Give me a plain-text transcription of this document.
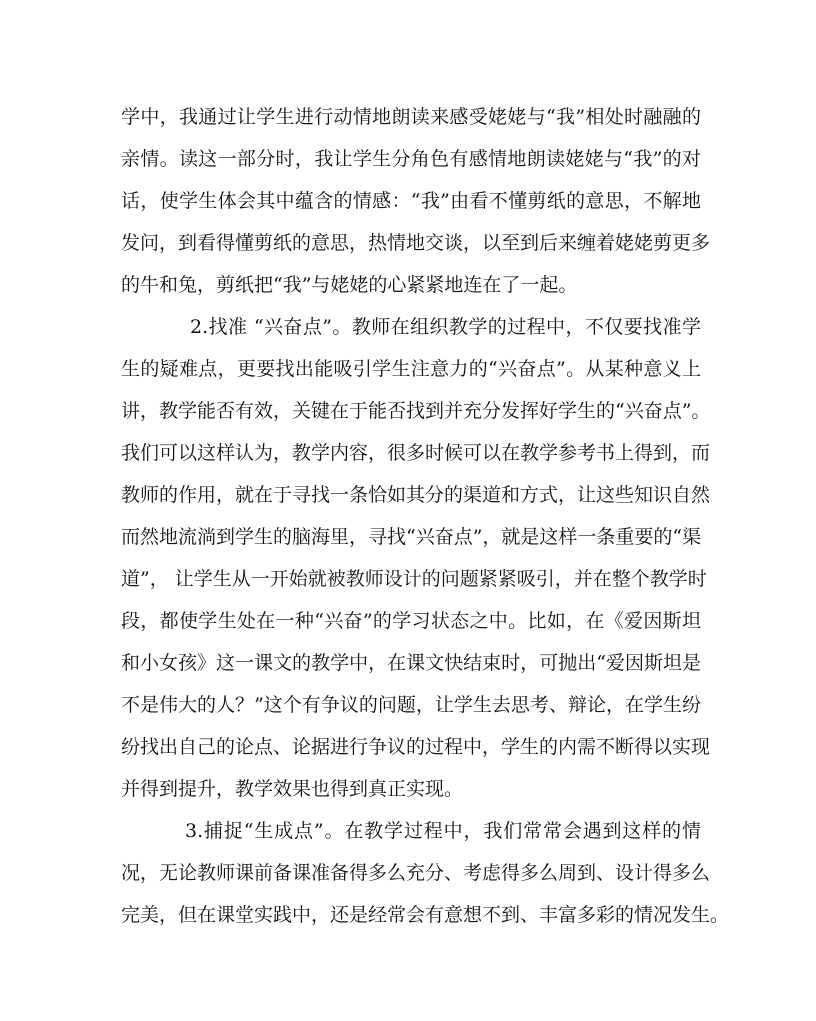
学中，我通过让学生进行动情地朗读来感受姥姥与“我”相处时融融的
亲情。读这一部分时，我让学生分角色有感情地朗读姥姥与“我”的对
话，使学生体会其中蕴含的情感：“我”由看不懂剪纸的意思，不解地
发问，到看得懂剪纸的意思，热情地交谈，以至到后来缠着姥姥剪更多
的牛和兔，剪纸把“我”与姥姥的心紧紧地连在了一起。
2.找准 “兴奋点”。教师在组织教学的过程中，不仅要找准学
生的疑难点，更要找出能吸引学生注意力的“兴奋点”。从某种意义上
讲，教学能否有效，关键在于能否找到并充分发挥好学生的“兴奋点”。
我们可以这样认为，教学内容，很多时候可以在教学参考书上得到，而
教师的作用，就在于寻找一条恰如其分的渠道和方式，让这些知识自然
而然地流淌到学生的脑海里，寻找“兴奋点”，就是这样一条重要的“渠
道”， 让学生从一开始就被教师设计的问题紧紧吸引，并在整个教学时
段，都使学生处在一种“兴奋”的学习状态之中。比如，在《爱因斯坦
和小女孩》这一课文的教学中，在课文快结束时，可抛出“爱因斯坦是
不是伟大的人？”这个有争议的问题，让学生去思考、辩论，在学生纷
纷找出自己的论点、论据进行争议的过程中，学生的内需不断得以实现
并得到提升，教学效果也得到真正实现。
3.捕捉“生成点”。在教学过程中，我们常常会遇到这样的情
况，无论教师课前备课准备得多么充分、考虑得多么周到、设计得多么
完美，但在课堂实践中，还是经常会有意想不到、丰富多彩的情况发生。
